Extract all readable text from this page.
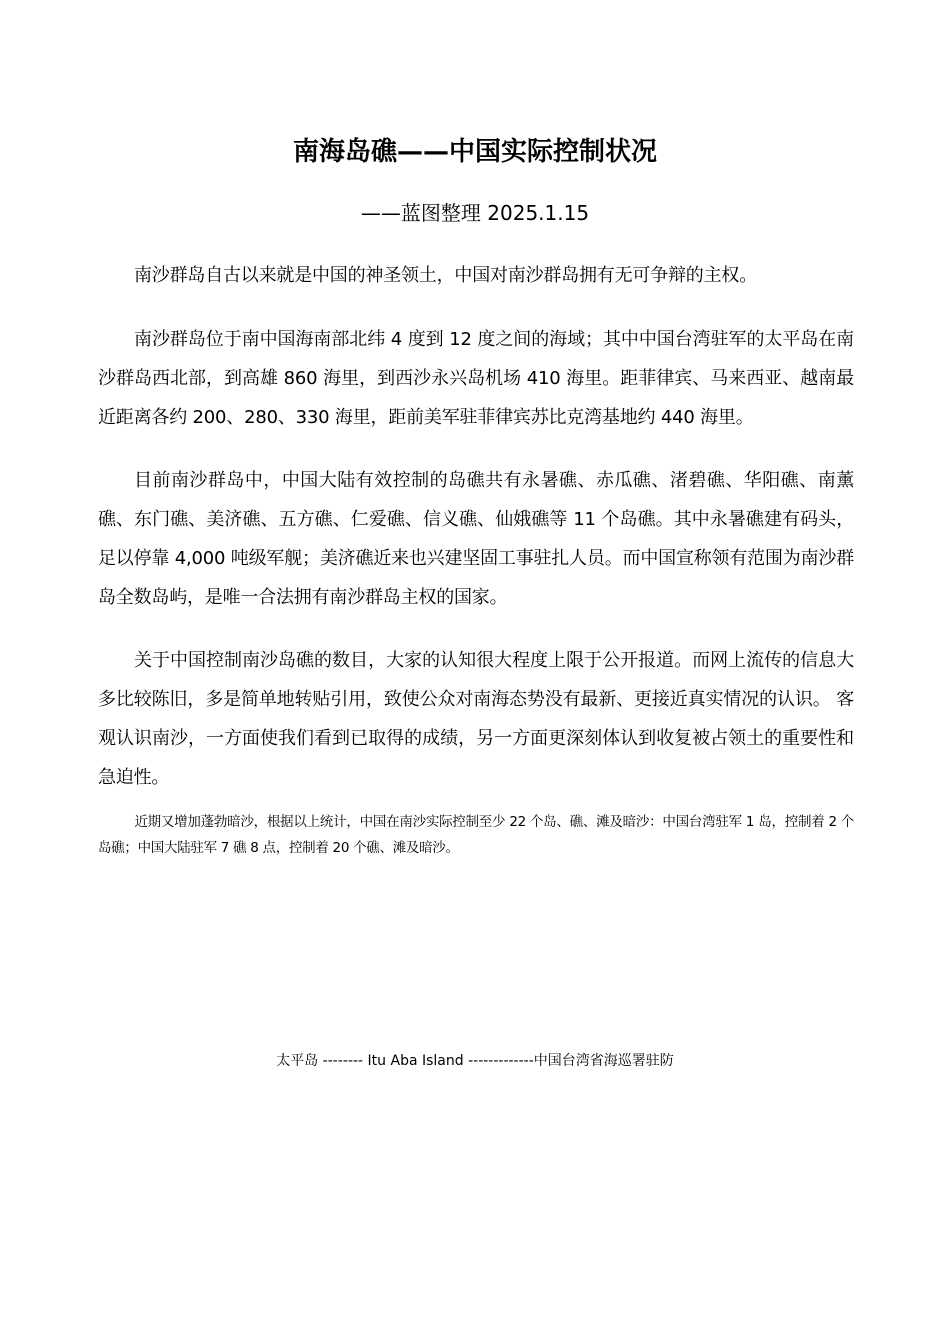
南海岛礁——中国实际控制状况

——蓝图整理 2025.1.15

南沙群岛自古以来就是中国的神圣领土，中国对南沙群岛拥有无可争辩的主权。

南沙群岛位于南中国海南部北纬 4 度到 12 度之间的海域；其中中国台湾驻军的太平岛在南沙群岛西北部，到高雄 860 海里，到西沙永兴岛机场 410 海里。距菲律宾、马来西亚、越南最近距离各约 200、280、330 海里，距前美军驻菲律宾苏比克湾基地约 440 海里。

目前南沙群岛中，中国大陆有效控制的岛礁共有永暑礁、赤瓜礁、渚碧礁、华阳礁、南薰礁、东门礁、美济礁、五方礁、仁爱礁、信义礁、仙娥礁等 11 个岛礁。其中永暑礁建有码头，足以停靠 4,000 吨级军舰；美济礁近来也兴建坚固工事驻扎人员。而中国宣称领有范围为南沙群岛全数岛屿，是唯一合法拥有南沙群岛主权的国家。

关于中国控制南沙岛礁的数目，大家的认知很大程度上限于公开报道。而网上流传的信息大多比较陈旧，多是简单地转贴引用，致使公众对南海态势没有最新、更接近真实情况的认识。 客观认识南沙，一方面使我们看到已取得的成绩，另一方面更深刻体认到收复被占领土的重要性和急迫性。

近期又增加蓬勃暗沙，根据以上统计，中国在南沙实际控制至少 22 个岛、礁、滩及暗沙：中国台湾驻军 1 岛，控制着 2 个岛礁；中国大陆驻军 7 礁 8 点，控制着 20 个礁、滩及暗沙。

太平岛 -------- Itu Aba Island -------------中国台湾省海巡署驻防
